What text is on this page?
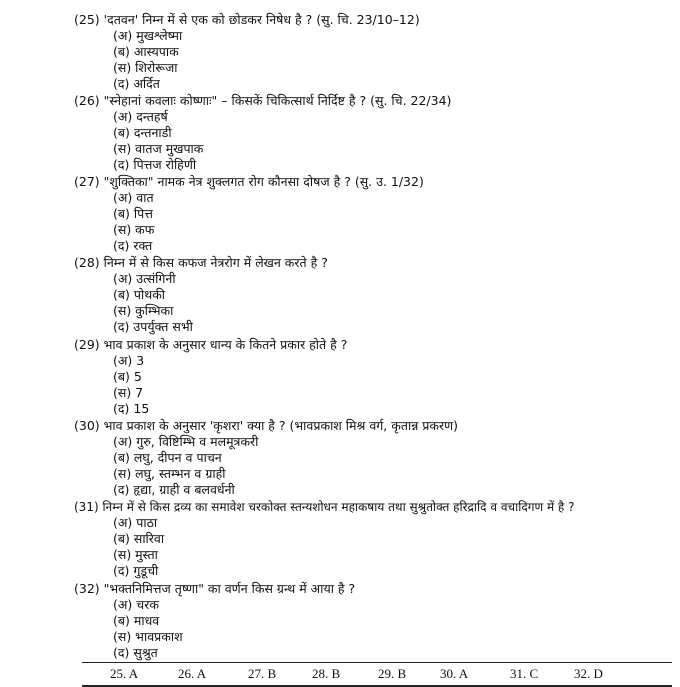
(25) 'दतवन' निम्न में से एक को छोडकर निषेध है ? (सु. चि. 23/10–12)
(अ) मुखश्लेष्मा
(ब) आस्यपाक
(स) शिरोरूजा
(द) अर्दित
(26) "स्नेहानां कवलाः कोष्णाः" – किसकें चिकित्सार्थ निर्दिष्ट है ? (सु. चि. 22/34)
(अ) दन्तहर्ष
(ब) दन्तनाडी
(स) वातज मुखपाक
(द) पित्तज रोहिणी
(27) "शुक्तिका" नामक नेत्र शुक्लगत रोग कौनसा दोषज है ? (सु. उ. 1/32)
(अ) वात
(ब) पित्त
(स) कफ
(द) रक्त
(28) निम्न में से किस कफज नेत्ररोग में लेखन करते है ?
(अ) उत्संगिनी
(ब) पोथकी
(स) कुम्भिका
(द) उपर्युक्त सभी
(29) भाव प्रकाश के अनुसार धान्य के कितने प्रकार होते है ?
(अ) 3
(ब) 5
(स) 7
(द) 15
(30) भाव प्रकाश के अनुसार 'कृशरा' क्या है ? (भावप्रकाश मिश्र वर्ग, कृतान्न प्रकरण)
(अ) गुरु, विष्टिम्भि व मलमूत्रकरी
(ब) लघु, दीपन व पाचन
(स) लघु, स्तम्भन व ग्राही
(द) हृद्या, ग्राही व बलवर्धनी
(31) निम्न में से किस द्रव्य का समावेश चरकोक्त स्तन्यशोधन महाकषाय तथा सुश्रुतोक्त हरिद्रादि व वचादिगण में है ?
(अ) पाठा
(ब) सारिवा
(स) मुस्ता
(द) गुडूची
(32) "भक्तनिमित्तज तृष्णा" का वर्णन किस ग्रन्थ में आया है ?
(अ) चरक
(ब) माधव
(स) भावप्रकाश
(द) सुश्रुत
25. A	26. A	27. B	28. B	29. B	30. A	31. C	32. D
